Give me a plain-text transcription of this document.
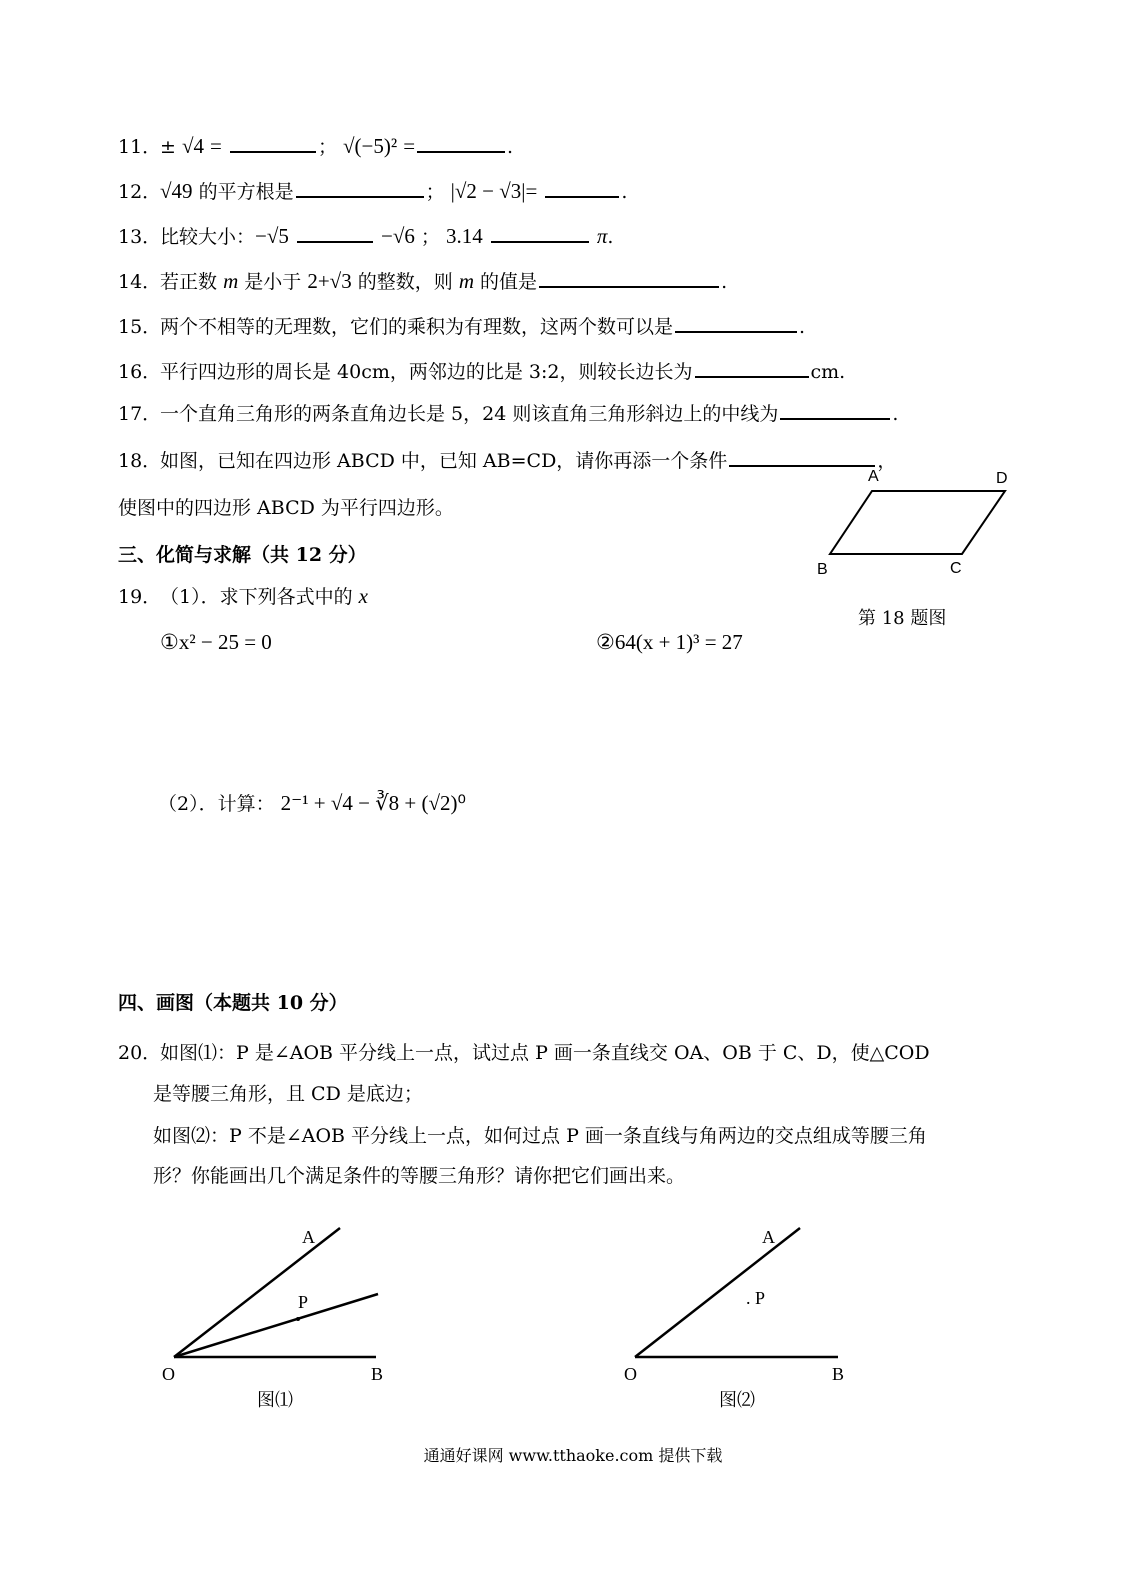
11．± √4 =	； √(−5)² =	.
12．√49 的平方根是	； |√2 − √3|=	.
13．比较大小：−√5	−√6 ； 3.14	π.
14．若正数 m 是小于 2+√3 的整数，则 m 的值是	.
15．两个不相等的无理数，它们的乘积为有理数，这两个数可以是	.
16．平行四边形的周长是 40cm，两邻边的比是 3:2，则较长边长为	cm.
17．一个直角三角形的两条直角边长是 5，24 则该直角三角形斜边上的中线为	.
18．如图，已知在四边形 ABCD 中，已知 AB=CD，请你再添一个条件	，
使图中的四边形 ABCD 为平行四边形。
A	D
B	C
第 18 题图
三、化简与求解（共 12 分）
19．（1）．求下列各式中的 x
①x² − 25 = 0	②64(x + 1)³ = 27
（2）．计算： 2⁻¹ + √4 − ∛8 + (√2)⁰
四、画图（本题共 10 分）
20．如图⑴：P 是∠AOB 平分线上一点，试过点 P 画一条直线交 OA、OB 于 C、D，使△COD
是等腰三角形，且 CD 是底边；
如图⑵：P 不是∠AOB 平分线上一点，如何过点 P 画一条直线与角两边的交点组成等腰三角
形？你能画出几个满足条件的等腰三角形？请你把它们画出来。
A
P
O	B
图⑴
A
. P
O	B
图⑵
通通好课网 www.tthaoke.com 提供下载
